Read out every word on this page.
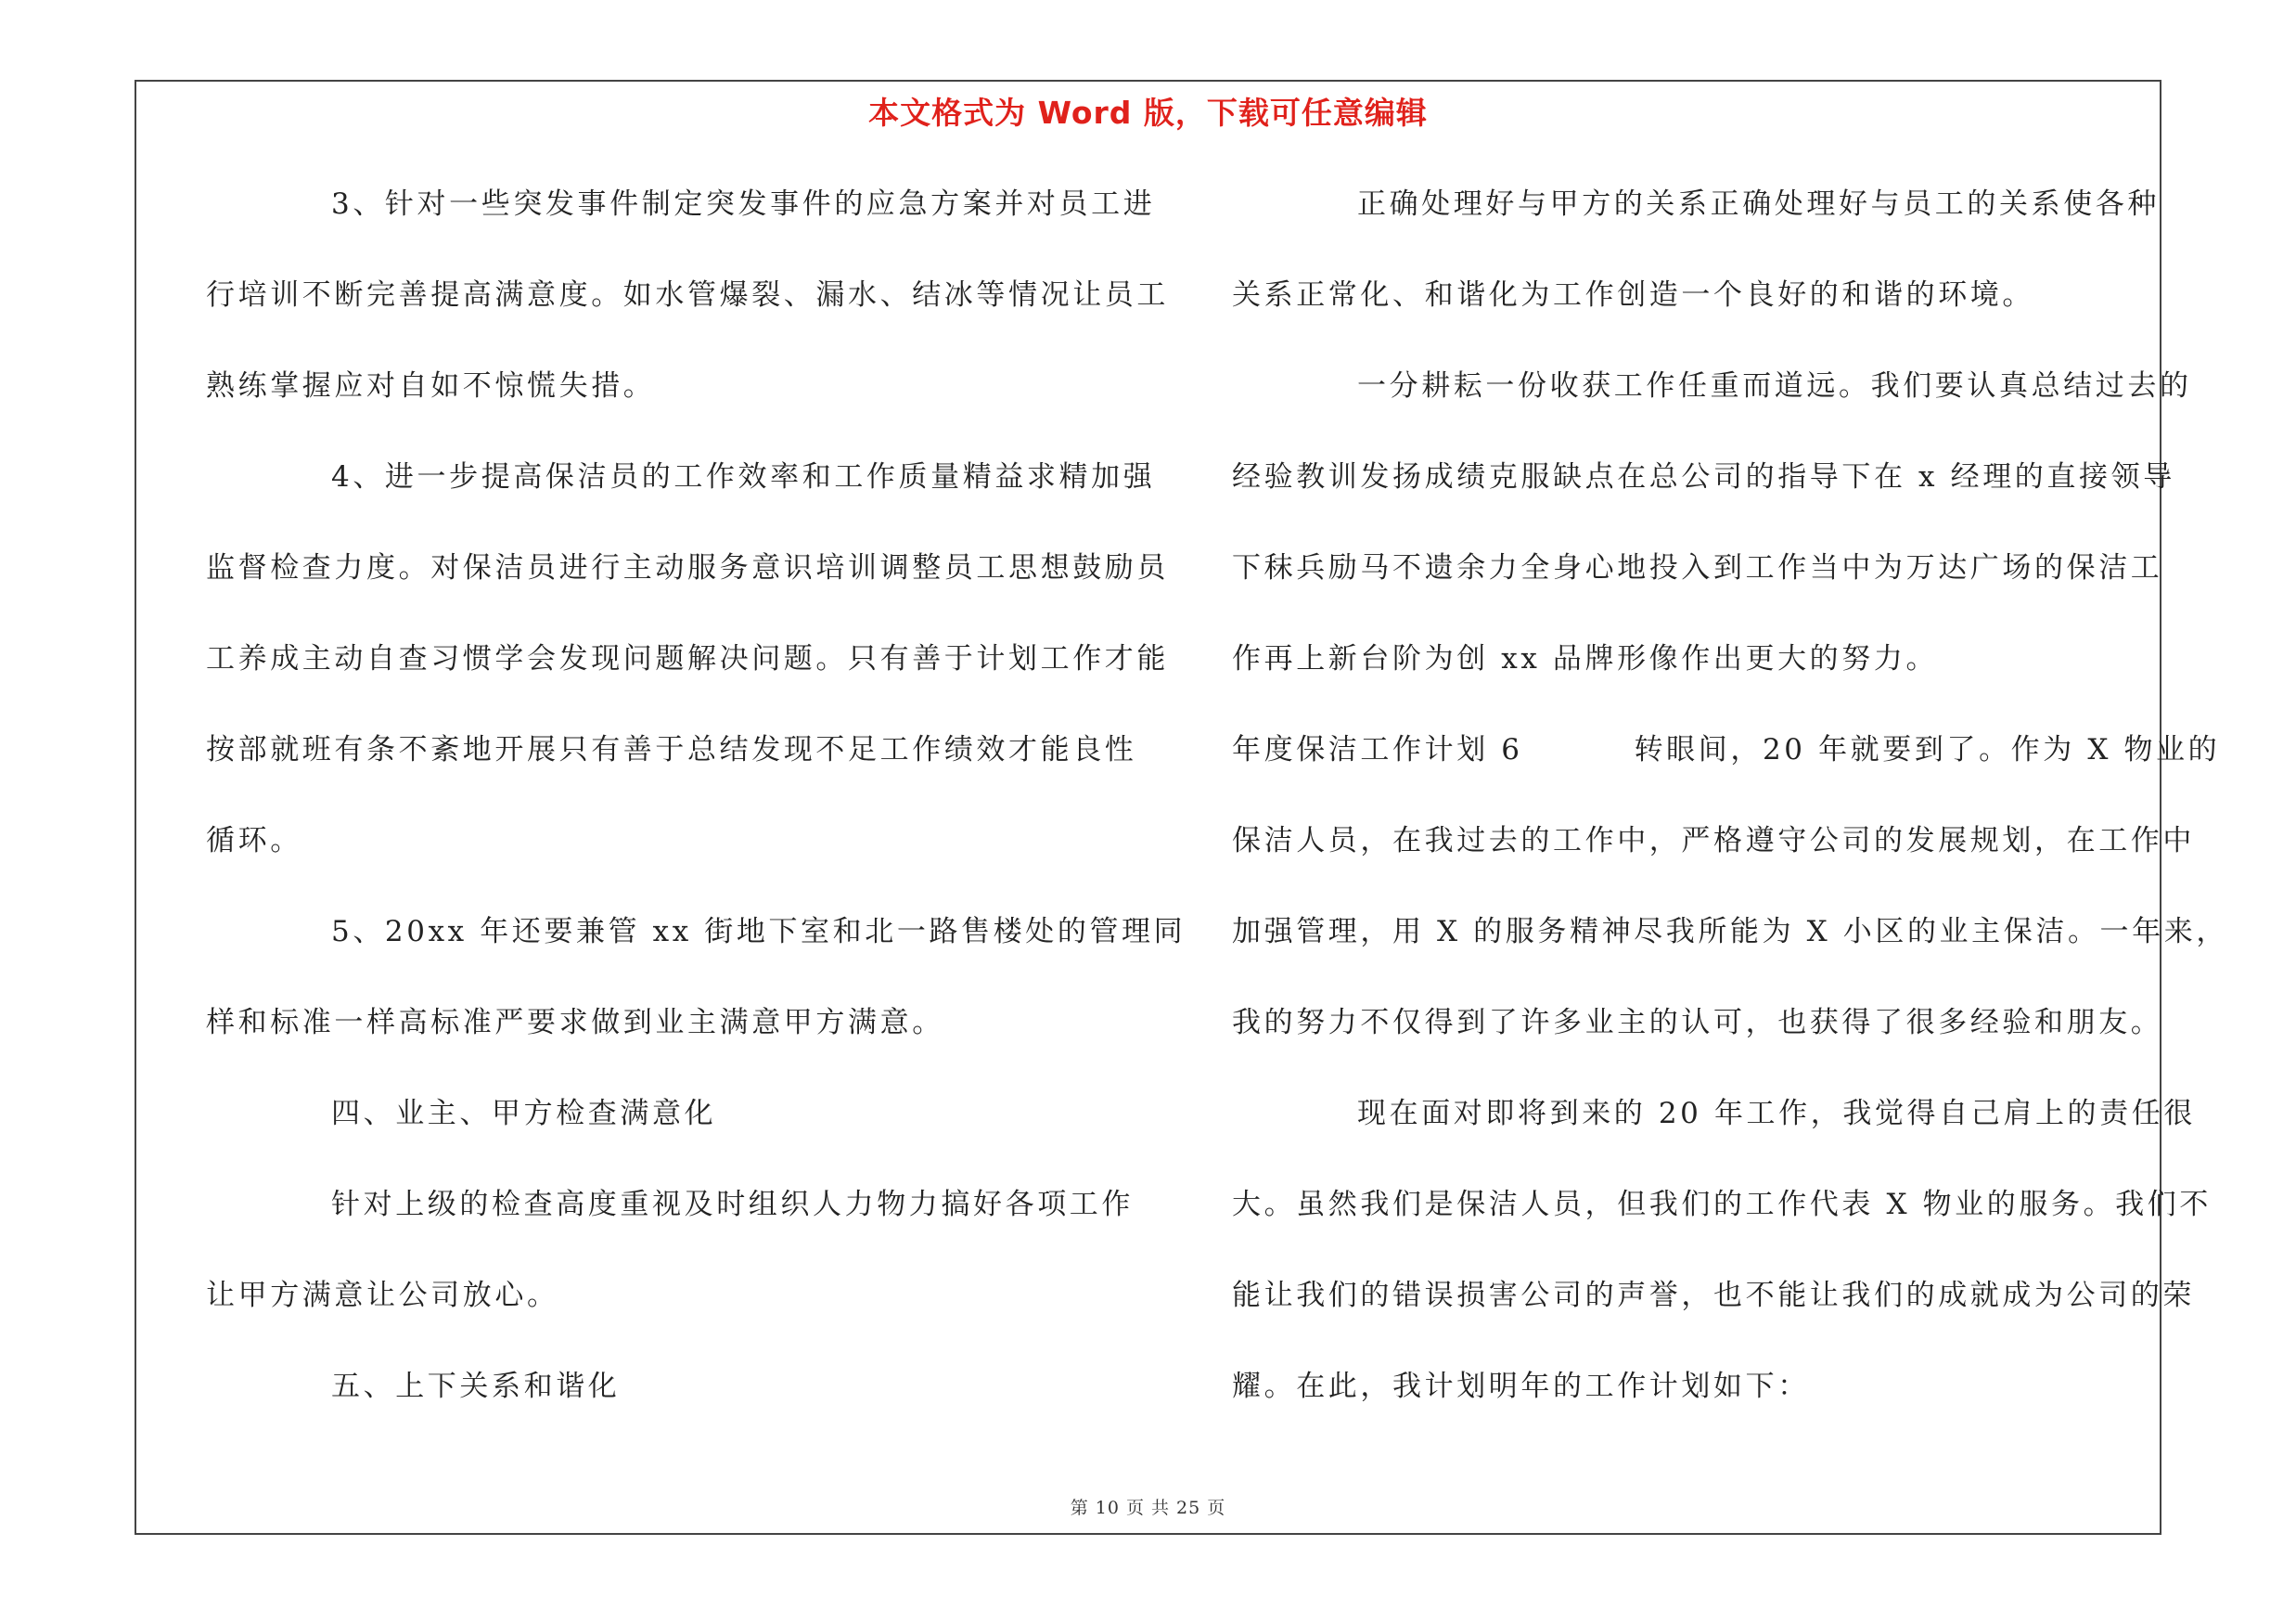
本文格式为 Word 版，下载可任意编辑
3、针对一些突发事件制定突发事件的应急方案并对员工进
行培训不断完善提高满意度。如水管爆裂、漏水、结冰等情况让员工
熟练掌握应对自如不惊慌失措。
4、进一步提高保洁员的工作效率和工作质量精益求精加强
监督检查力度。对保洁员进行主动服务意识培训调整员工思想鼓励员
工养成主动自查习惯学会发现问题解决问题。只有善于计划工作才能
按部就班有条不紊地开展只有善于总结发现不足工作绩效才能良性
循环。
5、20xx 年还要兼管 xx 街地下室和北一路售楼处的管理同
样和标准一样高标准严要求做到业主满意甲方满意。
四、业主、甲方检查满意化
针对上级的检查高度重视及时组织人力物力搞好各项工作
让甲方满意让公司放心。
五、上下关系和谐化
正确处理好与甲方的关系正确处理好与员工的关系使各种
关系正常化、和谐化为工作创造一个良好的和谐的环境。
一分耕耘一份收获工作任重而道远。我们要认真总结过去的
经验教训发扬成绩克服缺点在总公司的指导下在 x 经理的直接领导
下秣兵励马不遗余力全身心地投入到工作当中为万达广场的保洁工
作再上新台阶为创 xx 品牌形像作出更大的努力。
年度保洁工作计划 6	转眼间，20 年就要到了。作为 X 物业的
保洁人员，在我过去的工作中，严格遵守公司的发展规划，在工作中
加强管理，用 X 的服务精神尽我所能为 X 小区的业主保洁。一年来，
我的努力不仅得到了许多业主的认可，也获得了很多经验和朋友。
现在面对即将到来的 20 年工作，我觉得自己肩上的责任很
大。虽然我们是保洁人员，但我们的工作代表 X 物业的服务。我们不
能让我们的错误损害公司的声誉，也不能让我们的成就成为公司的荣
耀。在此，我计划明年的工作计划如下：
第 10 页 共 25 页
